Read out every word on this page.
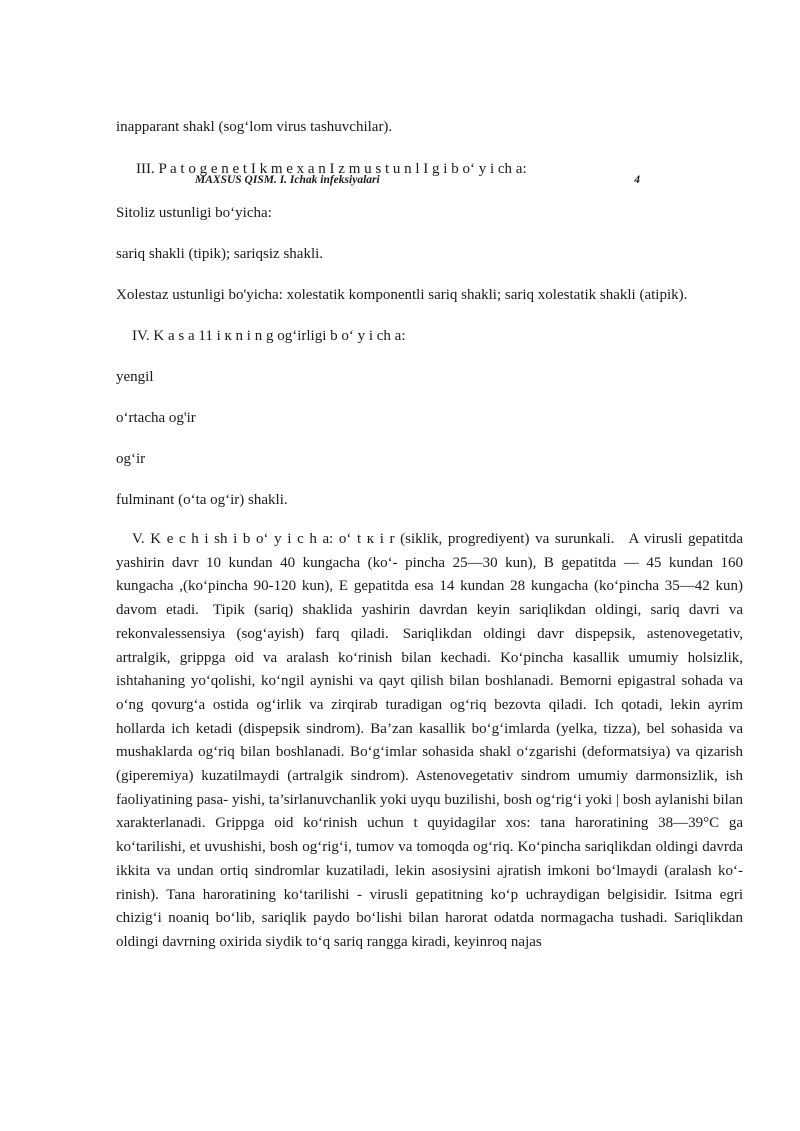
inapparant shakl (sog‘lom virus tashuvchilar).
III. P a t o g e n e t I k m e x a n I z m u s t u n l I g i b o‘ y i ch a:
MAXSUS QISM. I. Ichak infeksiyalari	4
Sitoliz ustunligi bo‘yicha:
sariq shakli (tipik); sariqsiz shakli.
Xolestaz ustunligi bo'yicha: xolestatik komponentli sariq shakli; sariq xolestatik shakli (atipik).
IV. K a s a 11 i к n i n g og‘irligi b o‘ y i ch a:
yengil
o‘rtacha og'ir
og‘ir
fulminant (o‘ta og‘ir) shakli.
V. K e c h i sh i b o‘ y i c h a: o‘ t к i r (siklik, progrediyent) va surunkali. A virusli gepatitda yashirin davr 10 kundan 40 kungacha (ko‘- pincha 25—30 kun), B gepatitda — 45 kundan 160 kungacha ,(ko‘pincha 90-120 kun), E gepatitda esa 14 kundan 28 kungacha (ko‘pincha 35—42 kun) davom etadi. Tipik (sariq) shaklida yashirin davrdan keyin sariqlikdan oldingi, sariq davri va rekonvalessensiya (sog‘ayish) farq qiladi. Sariqlikdan oldingi davr dispepsik, astenovegetativ, artralgik, grippga oid va aralash ko‘rinish bilan kechadi. Ko‘pincha kasallik umumiy holsizlik, ishtahaning yo‘qolishi, ko‘ngil aynishi va qayt qilish bilan boshlanadi. Bemorni epigastral sohada va o‘ng qovurg‘a ostida og‘irlik va zirqirab turadigan og‘riq bezovta qiladi. Ich qotadi, lekin ayrim hollarda ich ketadi (dispepsik sindrom). Ba’zan kasallik bo‘g‘imlarda (yelka, tizza), bel sohasida va mushaklarda og‘riq bilan boshlanadi. Bo‘g‘imlar sohasida shakl o‘zgarishi (deformatsiya) va qizarish (giperemiya) kuzatilmaydi (artralgik sindrom). Astenovegetativ sindrom umumiy darmonsizlik, ish faoliyatining pasa- yishi, ta’sirlanuvchanlik yoki uyqu buzilishi, bosh og‘rig‘i yoki | bosh aylanishi bilan xarakterlanadi. Grippga oid ko‘rinish uchun t quyidagilar xos: tana haroratining 38—39°C ga ko‘tarilishi, et uvushishi, bosh og‘rig‘i, tumov va tomoqda og‘riq. Ko‘pincha sariqlikdan oldingi davrda ikkita va undan ortiq sindromlar kuzatiladi, lekin asosiysini ajratish imkoni bo‘lmaydi (aralash ko‘- rinish). Tana haroratining ko‘tarilishi - virusli gepatitning ko‘p uchraydigan belgisidir. Isitma egri chizig‘i noaniq bo‘lib, sariqlik paydo bo‘lishi bilan harorat odatda normagacha tushadi. Sariqlikdan oldingi davrning oxirida siydik to‘q sariq rangga kiradi, keyinroq najas
